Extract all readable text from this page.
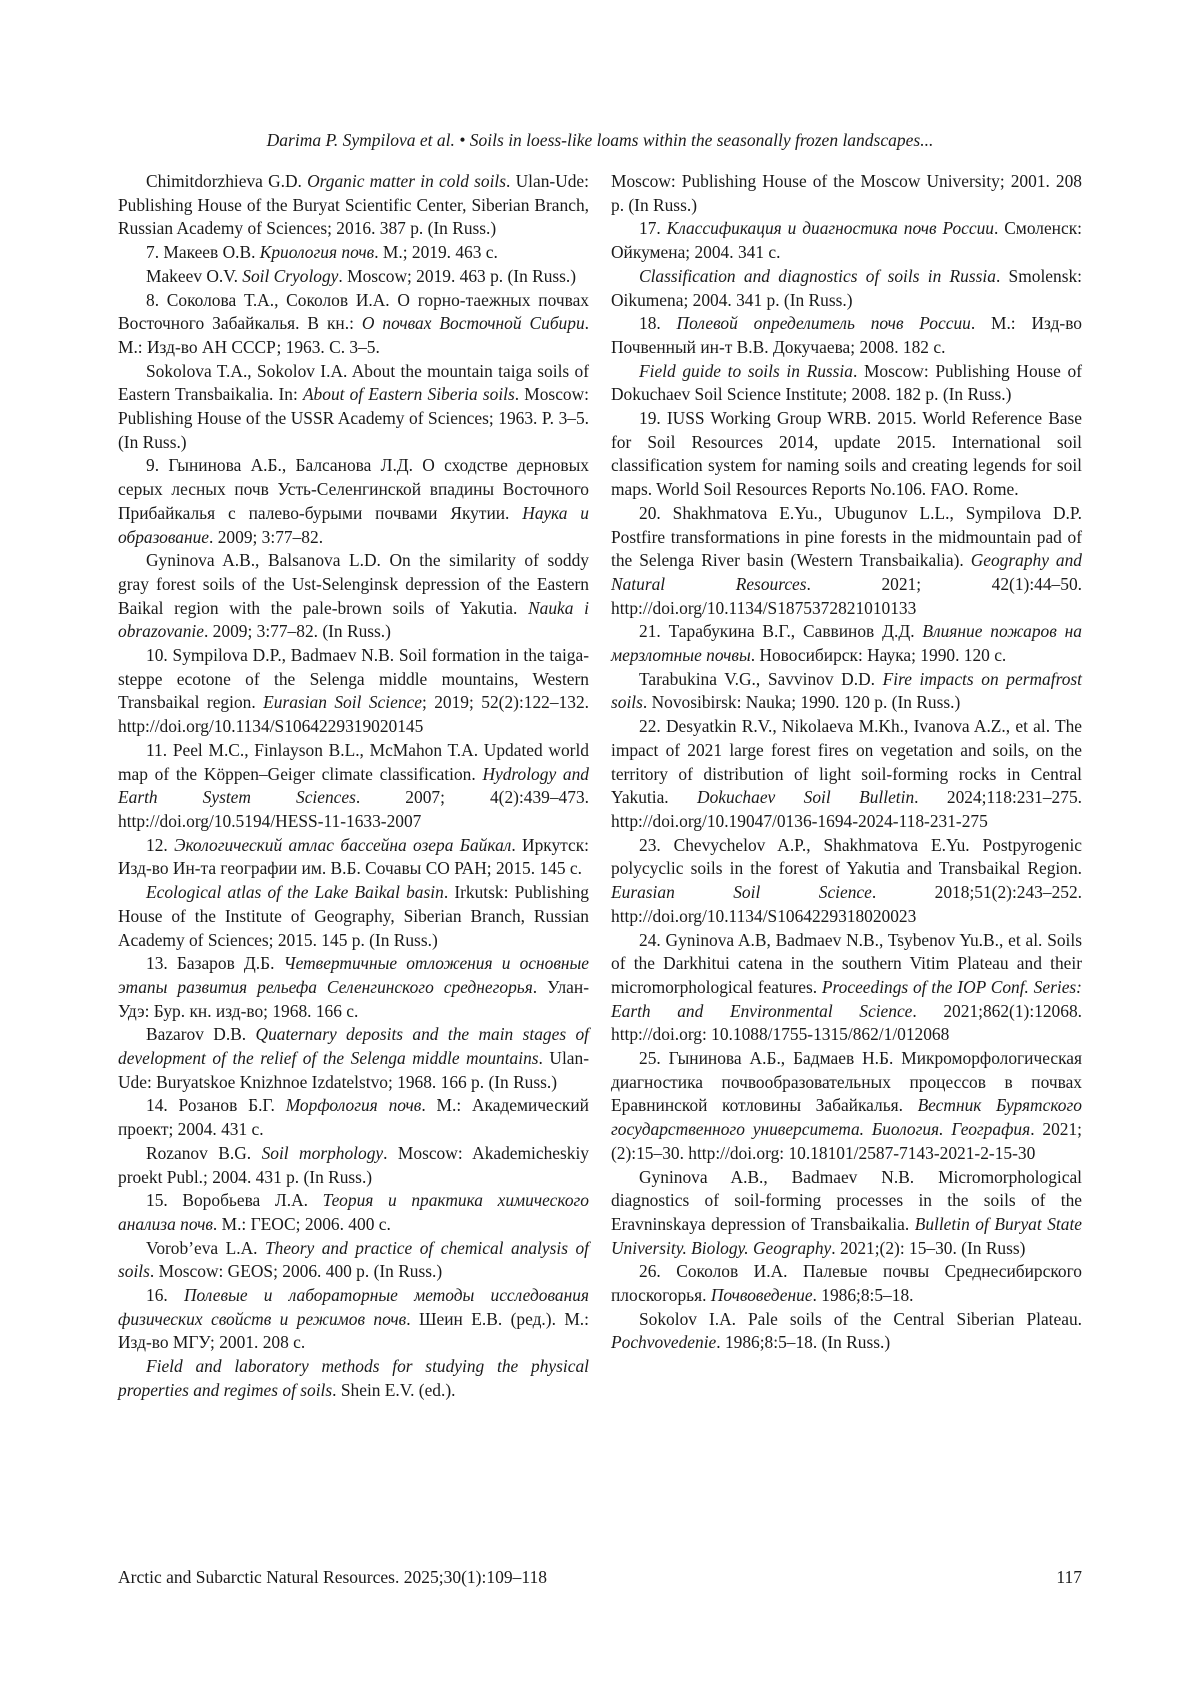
Darima P. Sympilova et al. • Soils in loess-like loams within the seasonally frozen landscapes...

Chimitdorzhieva G.D. Organic matter in cold soils. Ulan-Ude: Publishing House of the Buryat Scientific Center, Siberian Branch, Russian Academy of Sciences; 2016. 387 p. (In Russ.)

7. Макеев О.В. Криология почв. М.; 2019. 463 с.

Makeev O.V. Soil Cryology. Moscow; 2019. 463 p. (In Russ.)

8. Соколова Т.А., Соколов И.А. О горно-таежных почвах Восточного Забайкалья. В кн.: О почвах Восточной Сибири. М.: Изд-во АН СССР; 1963. С. 3–5.

Sokolova T.A., Sokolov I.A. About the mountain taiga soils of Eastern Transbaikalia. In: About of Eastern Siberia soils. Moscow: Publishing House of the USSR Academy of Sciences; 1963. P. 3–5. (In Russ.)

9. Гынинова А.Б., Балсанова Л.Д. О сходстве дерновых серых лесных почв Усть-Селенгинской впадины Восточного Прибайкалья с палево-бурыми почвами Якутии. Наука и образование. 2009; 3:77–82.

Gyninova A.B., Balsanova L.D. On the similarity of soddy gray forest soils of the Ust-Selenginsk depression of the Eastern Baikal region with the pale-brown soils of Yakutia. Nauka i obrazovanie. 2009; 3:77–82. (In Russ.)

10. Sympilova D.P., Badmaev N.B. Soil formation in the taiga-steppe ecotone of the Selenga middle mountains, Western Transbaikal region. Eurasian Soil Science; 2019; 52(2):122–132. http://doi.org/10.1134/S1064229319020145

11. Peel M.C., Finlayson B.L., McMahon T.A. Updated world map of the Köppen–Geiger climate classification. Hydrology and Earth System Sciences. 2007; 4(2):439–473. http://doi.org/10.5194/HESS-11-1633-2007

12. Экологический атлас бассейна озера Байкал. Иркутск: Изд-во Ин-та географии им. В.Б. Сочавы СО РАН; 2015. 145 с.

Ecological atlas of the Lake Baikal basin. Irkutsk: Publishing House of the Institute of Geography, Siberian Branch, Russian Academy of Sciences; 2015. 145 p. (In Russ.)

13. Базаров Д.Б. Четвертичные отложения и основные этапы развития рельефа Селенгинского среднегорья. Улан-Удэ: Бур. кн. изд-во; 1968. 166 с.

Bazarov D.B. Quaternary deposits and the main stages of development of the relief of the Selenga middle mountains. Ulan-Ude: Buryatskoe Knizhnoe Izdatelstvo; 1968. 166 p. (In Russ.)

14. Розанов Б.Г. Морфология почв. М.: Академический проект; 2004. 431 с.

Rozanov B.G. Soil morphology. Moscow: Akademicheskiy proekt Publ.; 2004. 431 p. (In Russ.)

15. Воробьева Л.А. Теория и практика химического анализа почв. М.: ГЕОС; 2006. 400 с.

Vorob’eva L.A. Theory and practice of chemical analysis of soils. Moscow: GEOS; 2006. 400 p. (In Russ.)

16. Полевые и лабораторные методы исследования физических свойств и режимов почв. Шеин Е.В. (ред.). М.: Изд-во МГУ; 2001. 208 с.

Field and laboratory methods for studying the physical properties and regimes of soils. Shein E.V. (ed.).

Moscow: Publishing House of the Moscow University; 2001. 208 p. (In Russ.)

17. Классификация и диагностика почв России. Смоленск: Ойкумена; 2004. 341 с.

Classification and diagnostics of soils in Russia. Smolensk: Oikumena; 2004. 341 p. (In Russ.)

18. Полевой определитель почв России. М.: Изд-во Почвенный ин-т В.В. Докучаева; 2008. 182 с.

Field guide to soils in Russia. Moscow: Publishing House of Dokuchaev Soil Science Institute; 2008. 182 p. (In Russ.)

19. IUSS Working Group WRB. 2015. World Reference Base for Soil Resources 2014, update 2015. International soil classification system for naming soils and creating legends for soil maps. World Soil Resources Reports No.106. FAO. Rome.

20. Shakhmatova E.Yu., Ubugunov L.L., Sympilova D.P. Postfire transformations in pine forests in the midmountain pad of the Selenga River basin (Western Transbaikalia). Geography and Natural Resources. 2021; 42(1):44–50. http://doi.org/10.1134/S1875372821010133

21. Тарабукина В.Г., Саввинов Д.Д. Влияние пожаров на мерзлотные почвы. Новосибирск: Наука; 1990. 120 с.

Tarabukina V.G., Savvinov D.D. Fire impacts on permafrost soils. Novosibirsk: Nauka; 1990. 120 p. (In Russ.)

22. Desyatkin R.V., Nikolaeva M.Kh., Ivanova A.Z., et al. The impact of 2021 large forest fires on vegetation and soils, on the territory of distribution of light soil-forming rocks in Central Yakutia. Dokuchaev Soil Bulletin. 2024;118:231–275. http://doi.org/10.19047/0136-1694-2024-118-231-275

23. Chevychelov A.P., Shakhmatova E.Yu. Postpyrogenic polycyclic soils in the forest of Yakutia and Transbaikal Region. Eurasian Soil Science. 2018;51(2):243–252. http://doi.org/10.1134/S1064229318020023

24. Gyninova A.B, Badmaev N.B., Tsybenov Yu.B., et al. Soils of the Darkhitui catena in the southern Vitim Plateau and their micromorphological features. Proceedings of the IOP Conf. Series: Earth and Environmental Science. 2021;862(1):12068. http://doi.org: 10.1088/1755-1315/862/1/012068

25. Гынинова А.Б., Бадмаев Н.Б. Микроморфологическая диагностика почвообразовательных процессов в почвах Еравнинской котловины Забайкалья. Вестник Бурятского государственного университета. Биология. География. 2021;(2):15–30. http://doi.org: 10.18101/2587-7143-2021-2-15-30

Gyninova A.B., Badmaev N.B. Micromorphological diagnostics of soil-forming processes in the soils of the Eravninskaya depression of Transbaikalia. Bulletin of Buryat State University. Biology. Geography. 2021;(2): 15–30. (In Russ)

26. Соколов И.А. Палевые почвы Среднесибирского плоскогорья. Почвоведение. 1986;8:5–18.

Sokolov I.A. Pale soils of the Central Siberian Plateau. Pochvovedenie. 1986;8:5–18. (In Russ.)

Arctic and Subarctic Natural Resources. 2025;30(1):109–118	117
